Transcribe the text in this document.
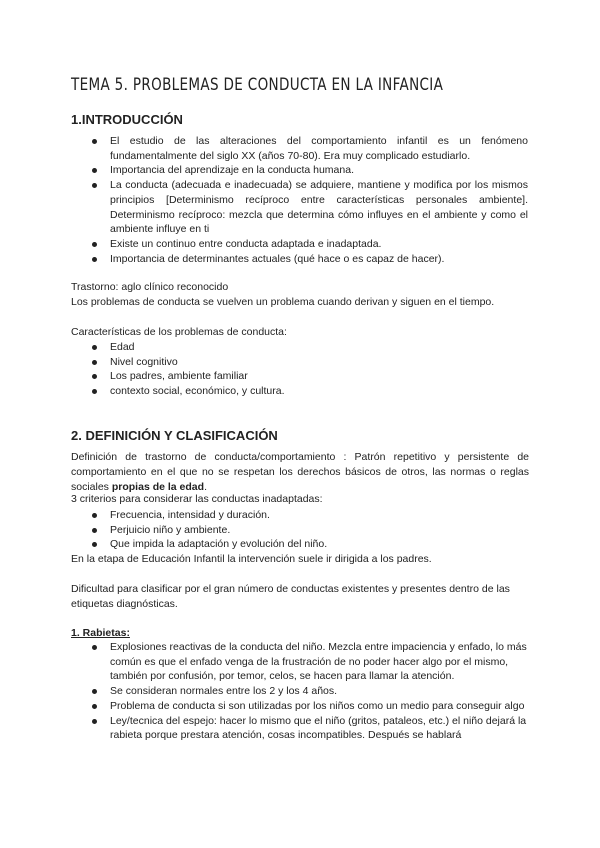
TEMA 5. PROBLEMAS DE CONDUCTA EN LA INFANCIA
1.INTRODUCCIÓN
El estudio de las alteraciones del comportamiento infantil es un fenómeno fundamentalmente del siglo XX (años 70-80). Era muy complicado estudiarlo.
Importancia del aprendizaje en la conducta humana.
La conducta (adecuada e inadecuada) se adquiere, mantiene y modifica por los mismos principios [Determinismo recíproco entre características personales ambiente]. Determinismo recíproco: mezcla que determina cómo influyes en el ambiente y como el ambiente influye en ti
Existe un continuo entre conducta adaptada e inadaptada.
Importancia de determinantes actuales (qué hace o es capaz de hacer).
Trastorno: aglo clínico reconocido
Los problemas de conducta se vuelven un problema cuando derivan y siguen en el tiempo.
Características de los problemas de conducta:
Edad
Nivel cognitivo
Los padres, ambiente familiar
contexto social, económico, y cultura.
2. DEFINICIÓN Y CLASIFICACIÓN
Definición de trastorno de conducta/comportamiento : Patrón repetitivo y persistente de comportamiento en el que no se respetan los derechos básicos de otros, las normas o reglas sociales propias de la edad.
3 criterios para considerar las conductas inadaptadas:
Frecuencia, intensidad y duración.
Perjuicio niño y ambiente.
Que impida la adaptación y evolución del niño.
En la etapa de Educación Infantil la intervención suele ir dirigida a los padres.
Dificultad para clasificar por el gran número de conductas existentes y presentes dentro de las etiquetas diagnósticas.
1. Rabietas:
Explosiones reactivas de la conducta del niño. Mezcla entre impaciencia y enfado, lo más común es que el enfado venga de la frustración de no poder hacer algo por el mismo, también por confusión, por temor, celos, se hacen para llamar la atención.
Se consideran normales entre los 2 y los 4 años.
Problema de conducta si son utilizadas por los niños como un medio para conseguir algo
Ley/tecnica del espejo: hacer lo mismo que el niño (gritos, pataleos, etc.) el niño dejará la rabieta porque prestara atención, cosas incompatibles. Después se hablará
